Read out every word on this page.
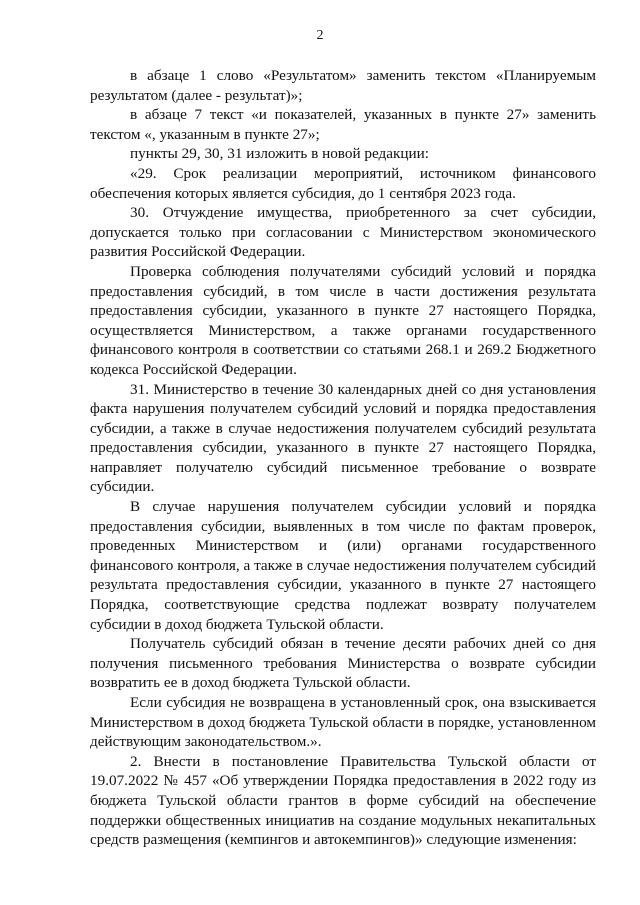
2

в абзаце 1 слово «Результатом» заменить текстом «Планируемым результатом (далее - результат)»;

в абзаце 7 текст «и показателей, указанных в пункте 27» заменить текстом «, указанным в пункте 27»;

пункты 29, 30, 31 изложить в новой редакции:

«29. Срок реализации мероприятий, источником финансового обеспечения которых является субсидия, до 1 сентября 2023 года.

30. Отчуждение имущества, приобретенного за счет субсидии, допускается только при согласовании с Министерством экономического развития Российской Федерации.

Проверка соблюдения получателями субсидий условий и порядка предоставления субсидий, в том числе в части достижения результата предоставления субсидии, указанного в пункте 27 настоящего Порядка, осуществляется Министерством, а также органами государственного финансового контроля в соответствии со статьями 268.1 и 269.2 Бюджетного кодекса Российской Федерации.

31. Министерство в течение 30 календарных дней со дня установления факта нарушения получателем субсидий условий и порядка предоставления субсидии, а также в случае недостижения получателем субсидий результата предоставления субсидии, указанного в пункте 27 настоящего Порядка, направляет получателю субсидий письменное требование о возврате субсидии.

В случае нарушения получателем субсидии условий и порядка предоставления субсидии, выявленных в том числе по фактам проверок, проведенных Министерством и (или) органами государственного финансового контроля, а также в случае недостижения получателем субсидий результата предоставления субсидии, указанного в пункте 27 настоящего Порядка, соответствующие средства подлежат возврату получателем субсидии в доход бюджета Тульской области.

Получатель субсидий обязан в течение десяти рабочих дней со дня получения письменного требования Министерства о возврате субсидии возвратить ее в доход бюджета Тульской области.

Если субсидия не возвращена в установленный срок, она взыскивается Министерством в доход бюджета Тульской области в порядке, установленном действующим законодательством.».

2. Внести в постановление Правительства Тульской области от 19.07.2022 № 457 «Об утверждении Порядка предоставления в 2022 году из бюджета Тульской области грантов в форме субсидий на обеспечение поддержки общественных инициатив на создание модульных некапитальных средств размещения (кемпингов и автокемпингов)» следующие изменения:
